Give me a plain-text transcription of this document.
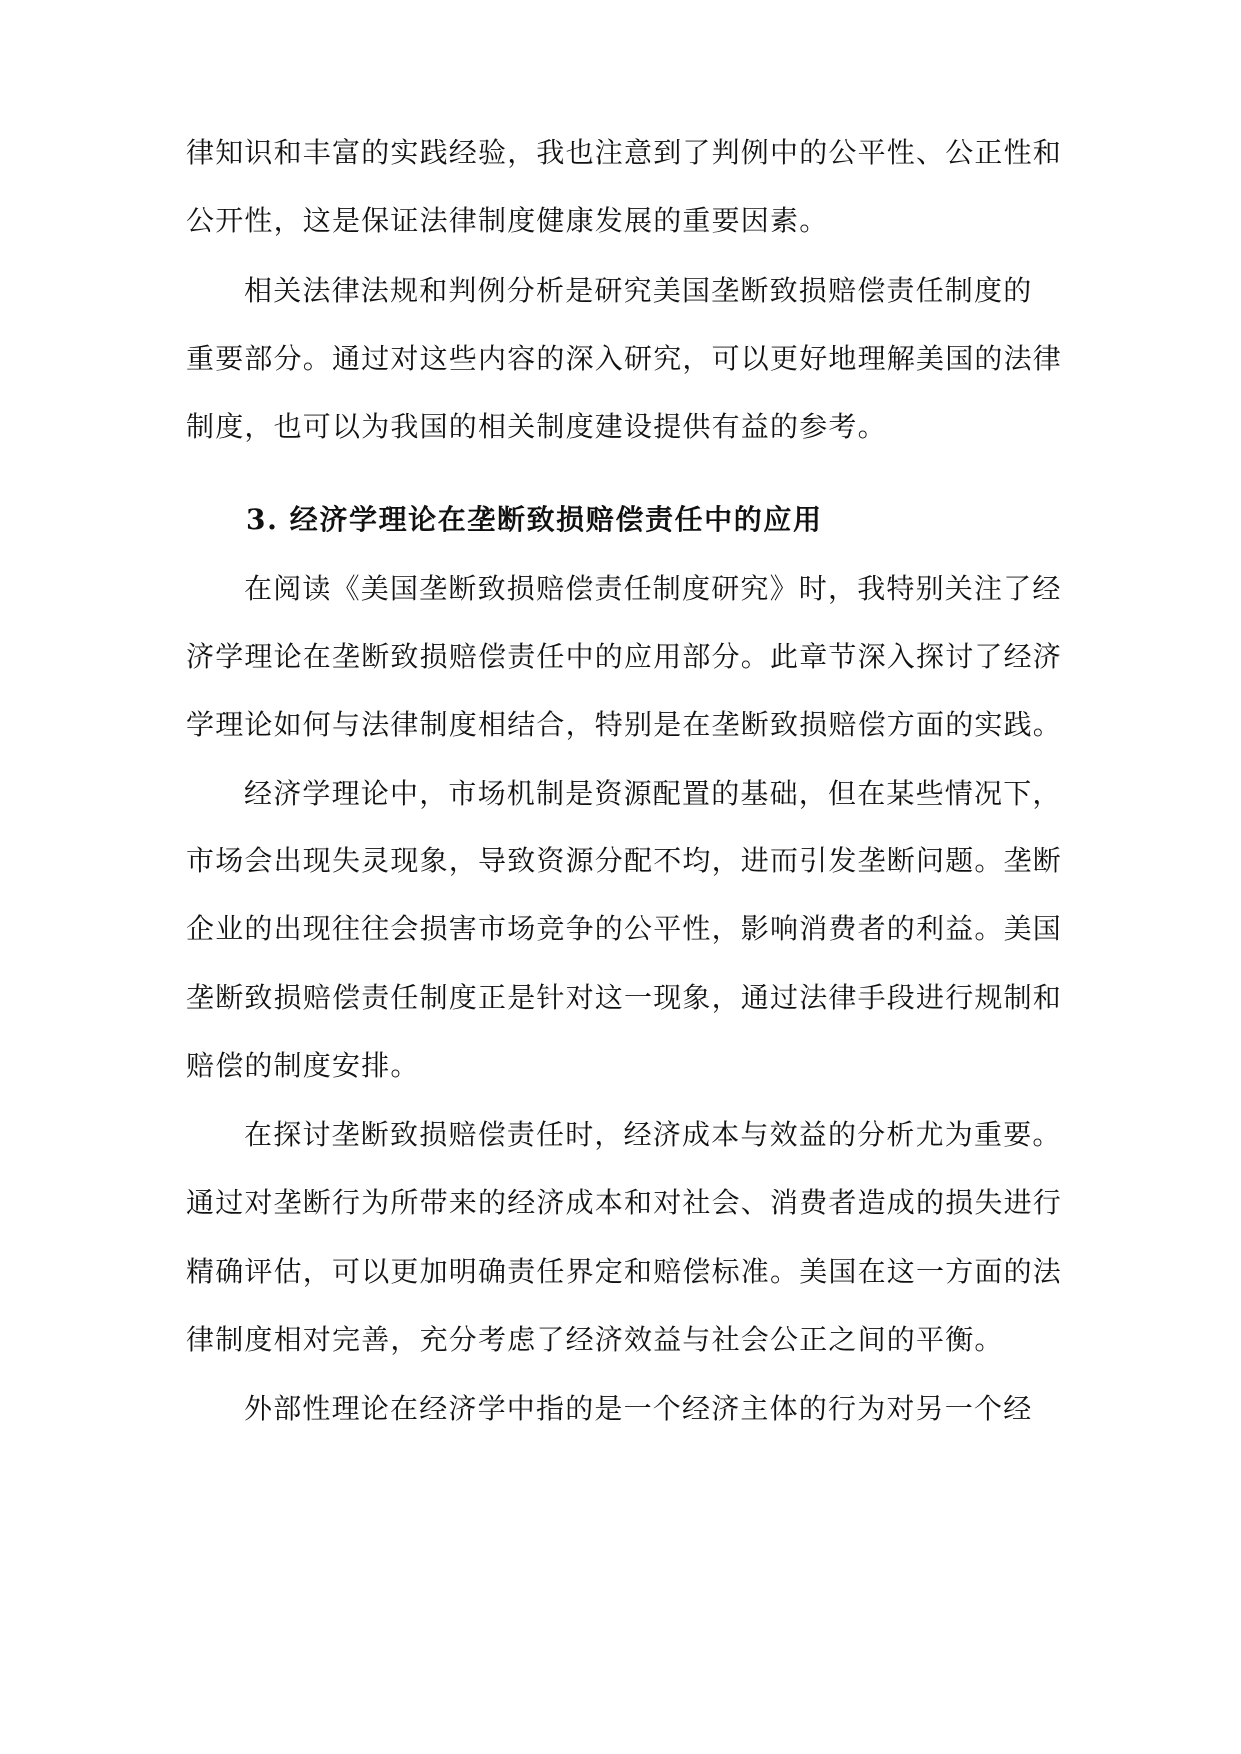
律知识和丰富的实践经验，我也注意到了判例中的公平性、公正性和
公开性，这是保证法律制度健康发展的重要因素。
相关法律法规和判例分析是研究美国垄断致损赔偿责任制度的
重要部分。通过对这些内容的深入研究，可以更好地理解美国的法律
制度，也可以为我国的相关制度建设提供有益的参考。
3. 经济学理论在垄断致损赔偿责任中的应用
在阅读《美国垄断致损赔偿责任制度研究》时，我特别关注了经
济学理论在垄断致损赔偿责任中的应用部分。此章节深入探讨了经济
学理论如何与法律制度相结合，特别是在垄断致损赔偿方面的实践。
经济学理论中，市场机制是资源配置的基础，但在某些情况下，
市场会出现失灵现象，导致资源分配不均，进而引发垄断问题。垄断
企业的出现往往会损害市场竞争的公平性，影响消费者的利益。美国
垄断致损赔偿责任制度正是针对这一现象，通过法律手段进行规制和
赔偿的制度安排。
在探讨垄断致损赔偿责任时，经济成本与效益的分析尤为重要。
通过对垄断行为所带来的经济成本和对社会、消费者造成的损失进行
精确评估，可以更加明确责任界定和赔偿标准。美国在这一方面的法
律制度相对完善，充分考虑了经济效益与社会公正之间的平衡。
外部性理论在经济学中指的是一个经济主体的行为对另一个经
